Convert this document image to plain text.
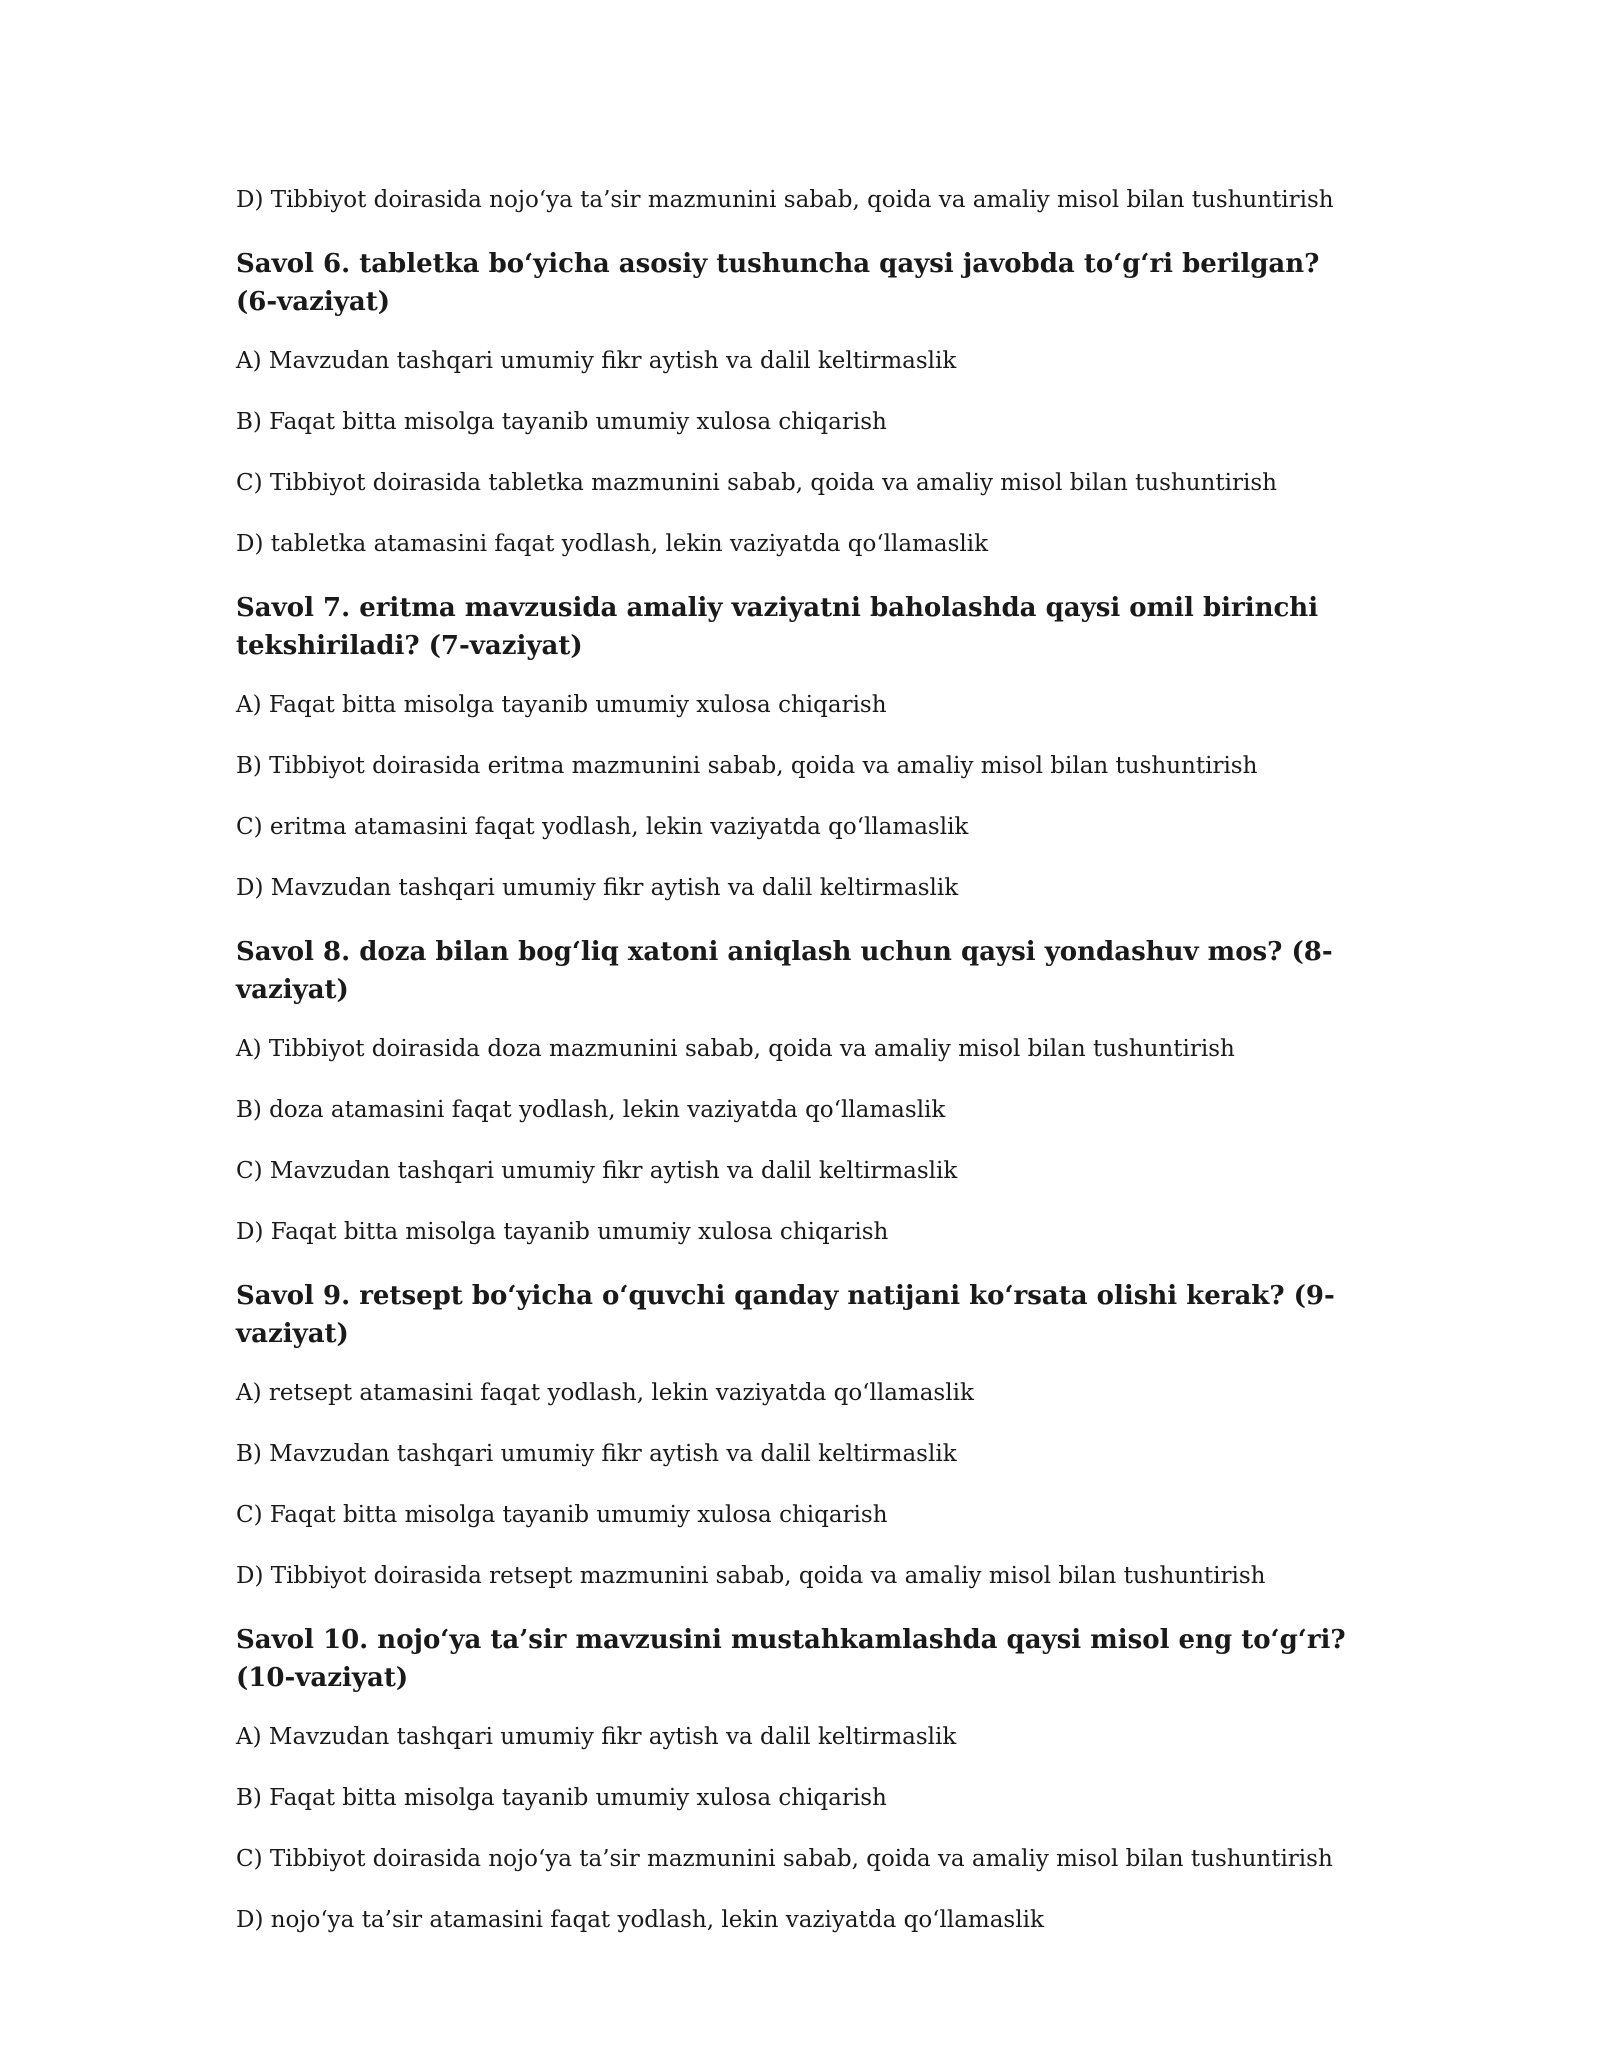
D) Tibbiyot doirasida nojo‘ya ta’sir mazmunini sabab, qoida va amaliy misol bilan tushuntirish

Savol 6. tabletka bo‘yicha asosiy tushuncha qaysi javobda to‘g‘ri berilgan? (6-vaziyat)

A) Mavzudan tashqari umumiy fikr aytish va dalil keltirmaslik

B) Faqat bitta misolga tayanib umumiy xulosa chiqarish

C) Tibbiyot doirasida tabletka mazmunini sabab, qoida va amaliy misol bilan tushuntirish

D) tabletka atamasini faqat yodlash, lekin vaziyatda qo‘llamaslik

Savol 7. eritma mavzusida amaliy vaziyatni baholashda qaysi omil birinchi tekshiriladi? (7-vaziyat)

A) Faqat bitta misolga tayanib umumiy xulosa chiqarish

B) Tibbiyot doirasida eritma mazmunini sabab, qoida va amaliy misol bilan tushuntirish

C) eritma atamasini faqat yodlash, lekin vaziyatda qo‘llamaslik

D) Mavzudan tashqari umumiy fikr aytish va dalil keltirmaslik

Savol 8. doza bilan bog‘liq xatoni aniqlash uchun qaysi yondashuv mos? (8-vaziyat)

A) Tibbiyot doirasida doza mazmunini sabab, qoida va amaliy misol bilan tushuntirish

B) doza atamasini faqat yodlash, lekin vaziyatda qo‘llamaslik

C) Mavzudan tashqari umumiy fikr aytish va dalil keltirmaslik

D) Faqat bitta misolga tayanib umumiy xulosa chiqarish

Savol 9. retsept bo‘yicha o‘quvchi qanday natijani ko‘rsata olishi kerak? (9-vaziyat)

A) retsept atamasini faqat yodlash, lekin vaziyatda qo‘llamaslik

B) Mavzudan tashqari umumiy fikr aytish va dalil keltirmaslik

C) Faqat bitta misolga tayanib umumiy xulosa chiqarish

D) Tibbiyot doirasida retsept mazmunini sabab, qoida va amaliy misol bilan tushuntirish

Savol 10. nojo‘ya ta’sir mavzusini mustahkamlashda qaysi misol eng to‘g‘ri? (10-vaziyat)

A) Mavzudan tashqari umumiy fikr aytish va dalil keltirmaslik

B) Faqat bitta misolga tayanib umumiy xulosa chiqarish

C) Tibbiyot doirasida nojo‘ya ta’sir mazmunini sabab, qoida va amaliy misol bilan tushuntirish

D) nojo‘ya ta’sir atamasini faqat yodlash, lekin vaziyatda qo‘llamaslik
